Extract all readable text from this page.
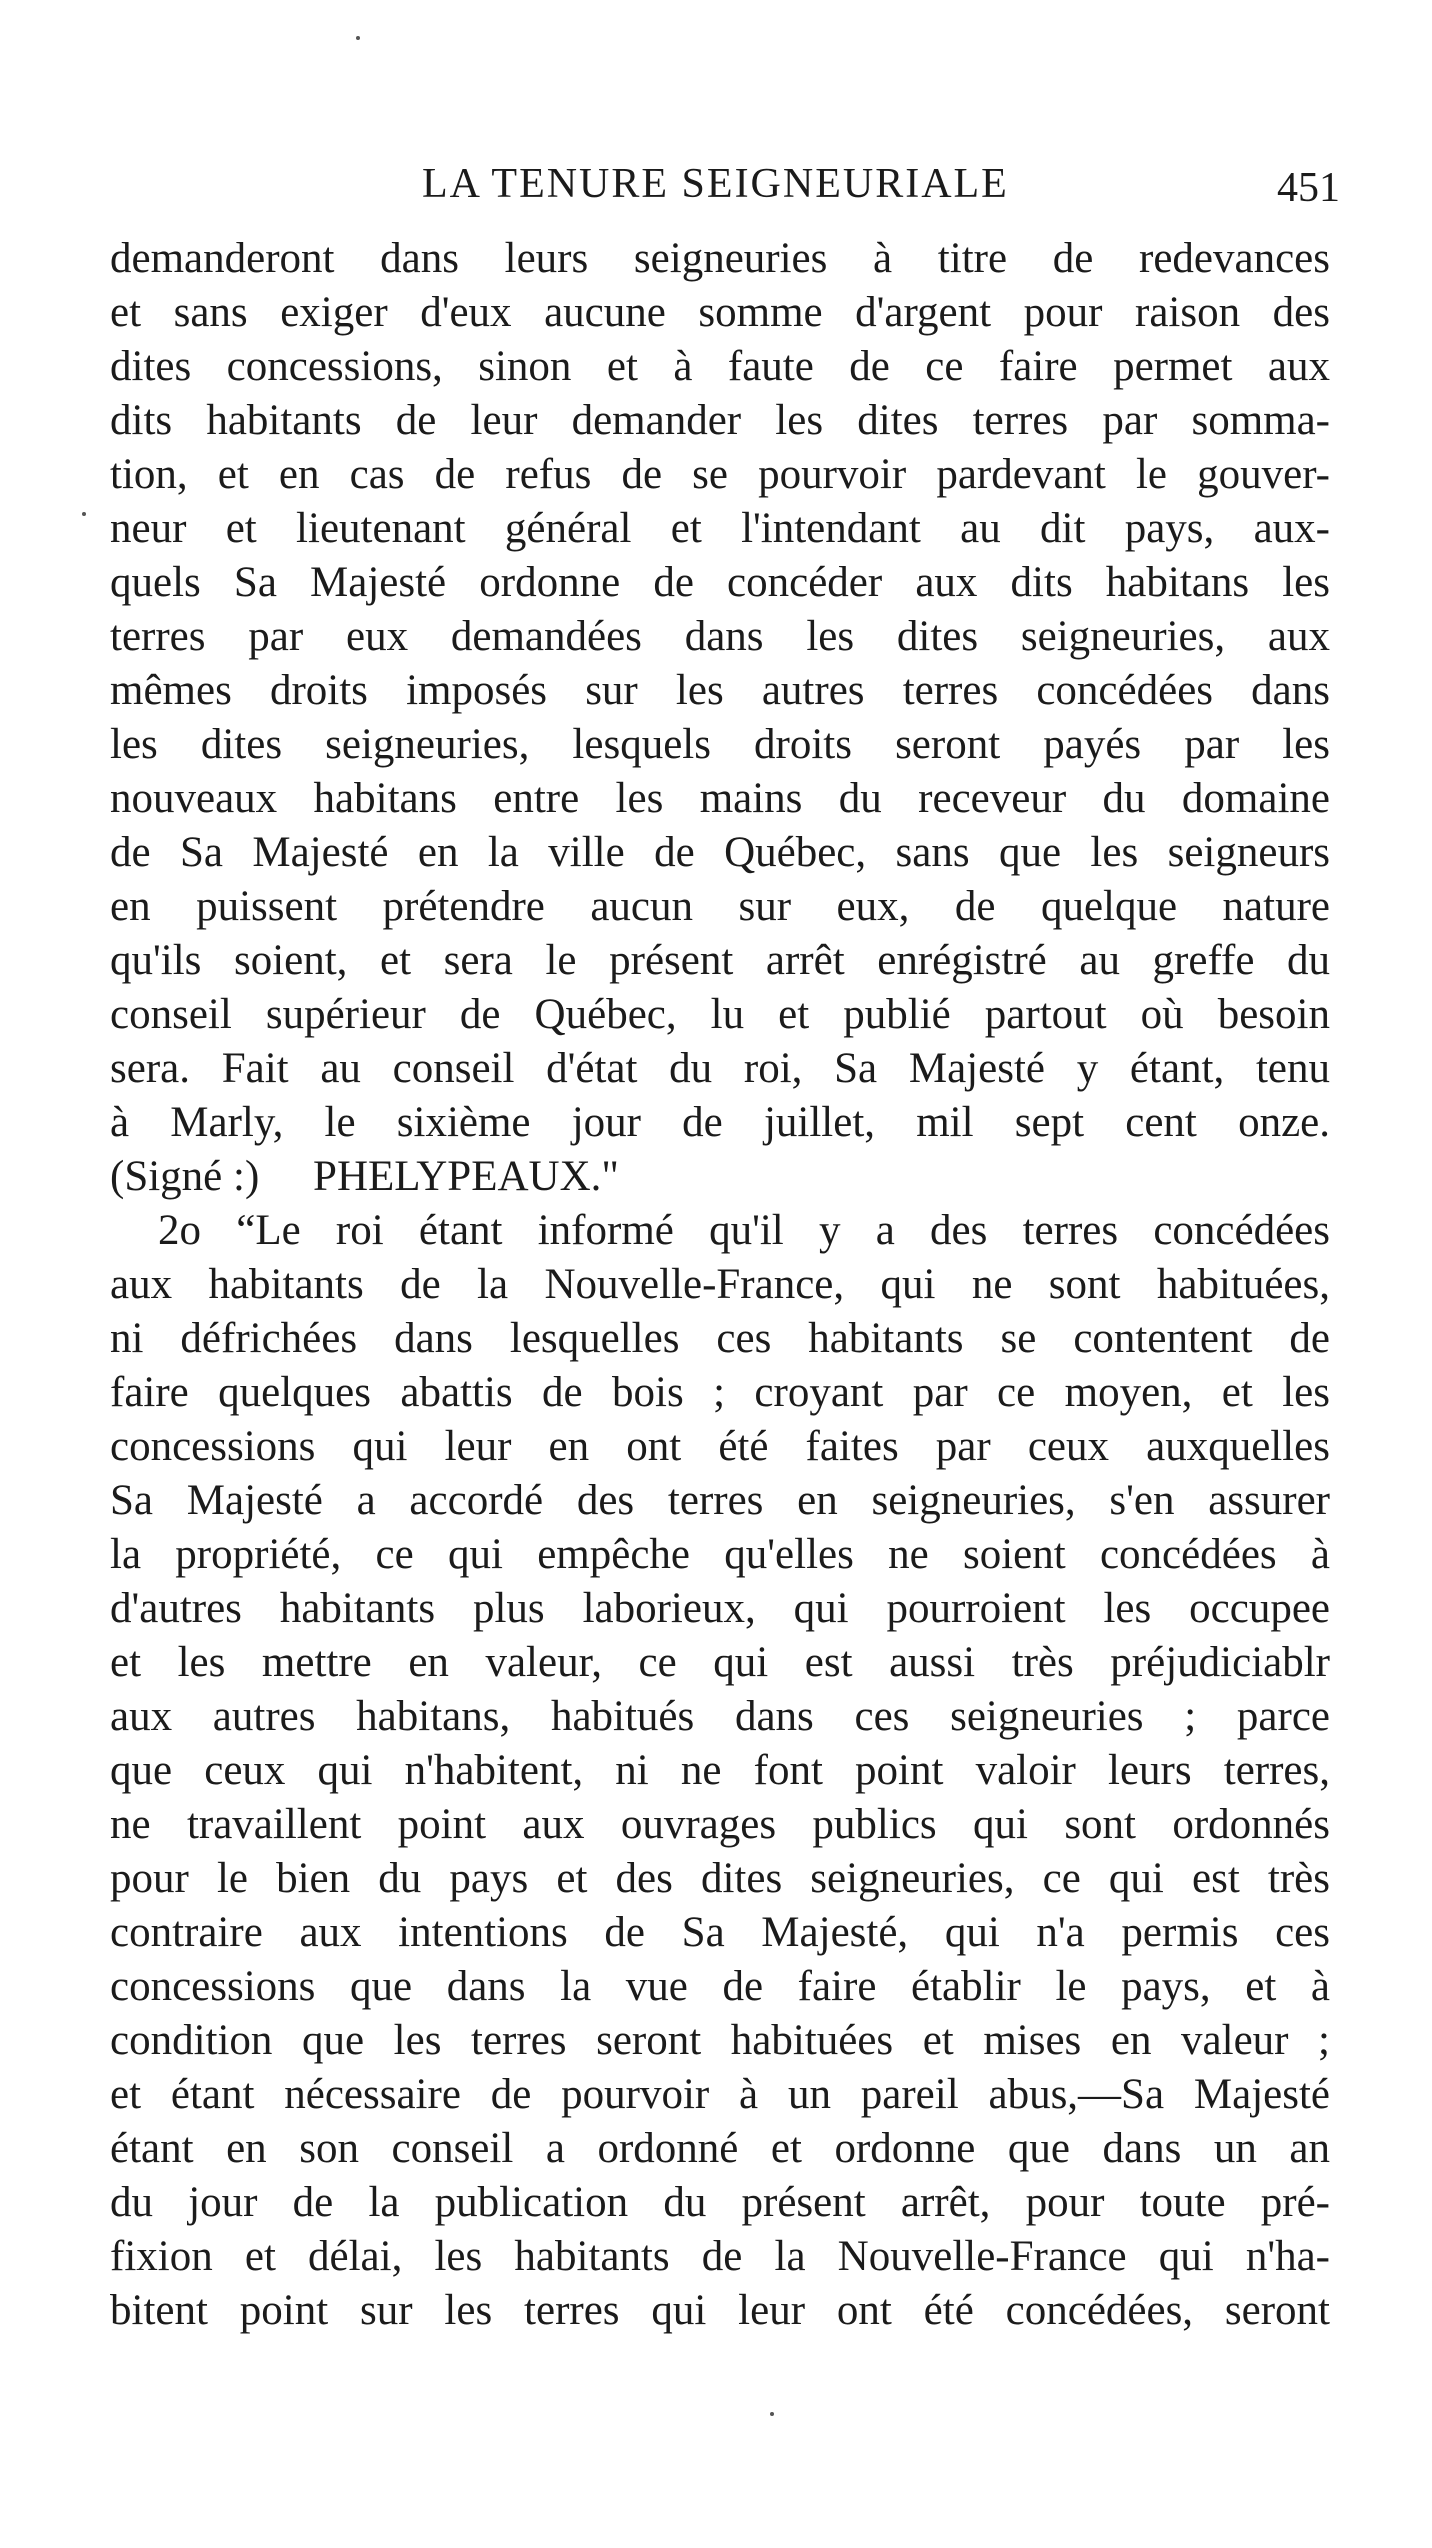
LA TENURE SEIGNEURIALE	451
demanderont dans leurs seigneuries à titre de redevances
et sans exiger d'eux aucune somme d'argent pour raison des
dites concessions, sinon et à faute de ce faire permet aux
dits habitants de leur demander les dites terres par somma-
tion, et en cas de refus de se pourvoir pardevant le gouver-
neur et lieutenant général et l'intendant au dit pays, aux-
quels Sa Majesté ordonne de concéder aux dits habitans les
terres par eux demandées dans les dites seigneuries, aux
mêmes droits imposés sur les autres terres concédées dans
les dites seigneuries, lesquels droits seront payés par les
nouveaux habitans entre les mains du receveur du domaine
de Sa Majesté en la ville de Québec, sans que les seigneurs
en puissent prétendre aucun sur eux, de quelque nature
qu'ils soient, et sera le présent arrêt enrégistré au greffe du
conseil supérieur de Québec, lu et publié partout où besoin
sera. Fait au conseil d'état du roi, Sa Majesté y étant, tenu
à Marly, le sixième jour de juillet, mil sept cent onze.
(Signé :)     PHELYPEAUX."
2o “Le roi étant informé qu'il y a des terres concédées
aux habitants de la Nouvelle-France, qui ne sont habituées,
ni défrichées dans lesquelles ces habitants se contentent de
faire quelques abattis de bois ; croyant par ce moyen, et les
concessions qui leur en ont été faites par ceux auxquelles
Sa Majesté a accordé des terres en seigneuries, s'en assurer
la propriété, ce qui empêche qu'elles ne soient concédées à
d'autres habitants plus laborieux, qui pourroient les occupee
et les mettre en valeur, ce qui est aussi très préjudiciablr
aux autres habitans, habitués dans ces seigneuries ; parce
que ceux qui n'habitent, ni ne font point valoir leurs terres,
ne travaillent point aux ouvrages publics qui sont ordonnés
pour le bien du pays et des dites seigneuries, ce qui est très
contraire aux intentions de Sa Majesté, qui n'a permis ces
concessions que dans la vue de faire établir le pays, et à
condition que les terres seront habituées et mises en valeur ;
et étant nécessaire de pourvoir à un pareil abus,—Sa Majesté
étant en son conseil a ordonné et ordonne que dans un an
du jour de la publication du présent arrêt, pour toute pré-
fixion et délai, les habitants de la Nouvelle-France qui n'ha-
bitent point sur les terres qui leur ont été concédées, seront
